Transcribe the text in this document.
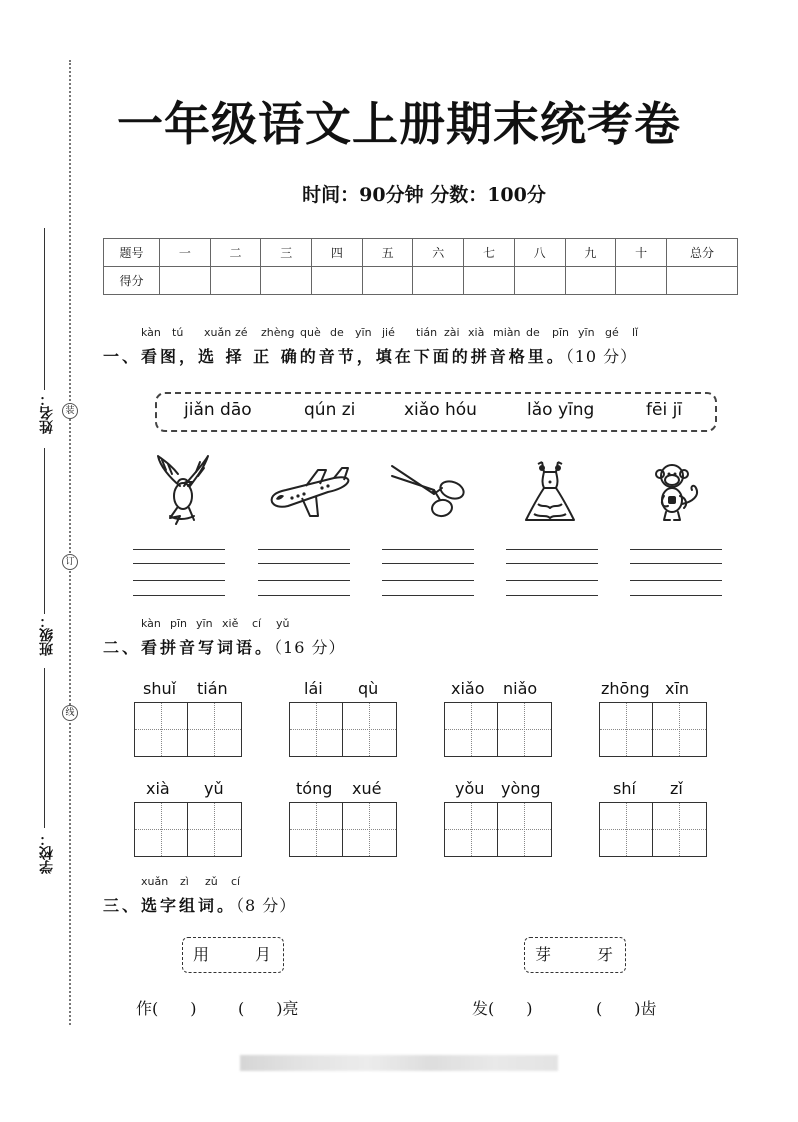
装
订
线
姓名：
班级：
学校：
一年级语文上册期末统考卷
时间：90分钟 分数：100分
题号	一	二	三	四	五	六	七	八	九	十	总分
得分											
kàn tú xuǎn zé zhèng què de yīn jié tián zài xià miàn de pīn yīn gé lǐ
一、看图，选 择 正 确的音节，填在下面的拼音格里。（10 分）
jiǎn dāo	qún zi	xiǎo hóu	lǎo yīng	fēi jī
kàn pīn yīn xiě cí yǔ
二、看拼音写词语。（16 分）
shuǐ tián	lái qù	xiǎo niǎo	zhōng xīn
xià yǔ	tóng xué	yǒu yòng	shí zǐ
xuǎn zì zǔ cí
三、选字组词。（8 分）
用	月	芽	牙
作(　　)	(　　)亮	发(　　)	(　　)齿
